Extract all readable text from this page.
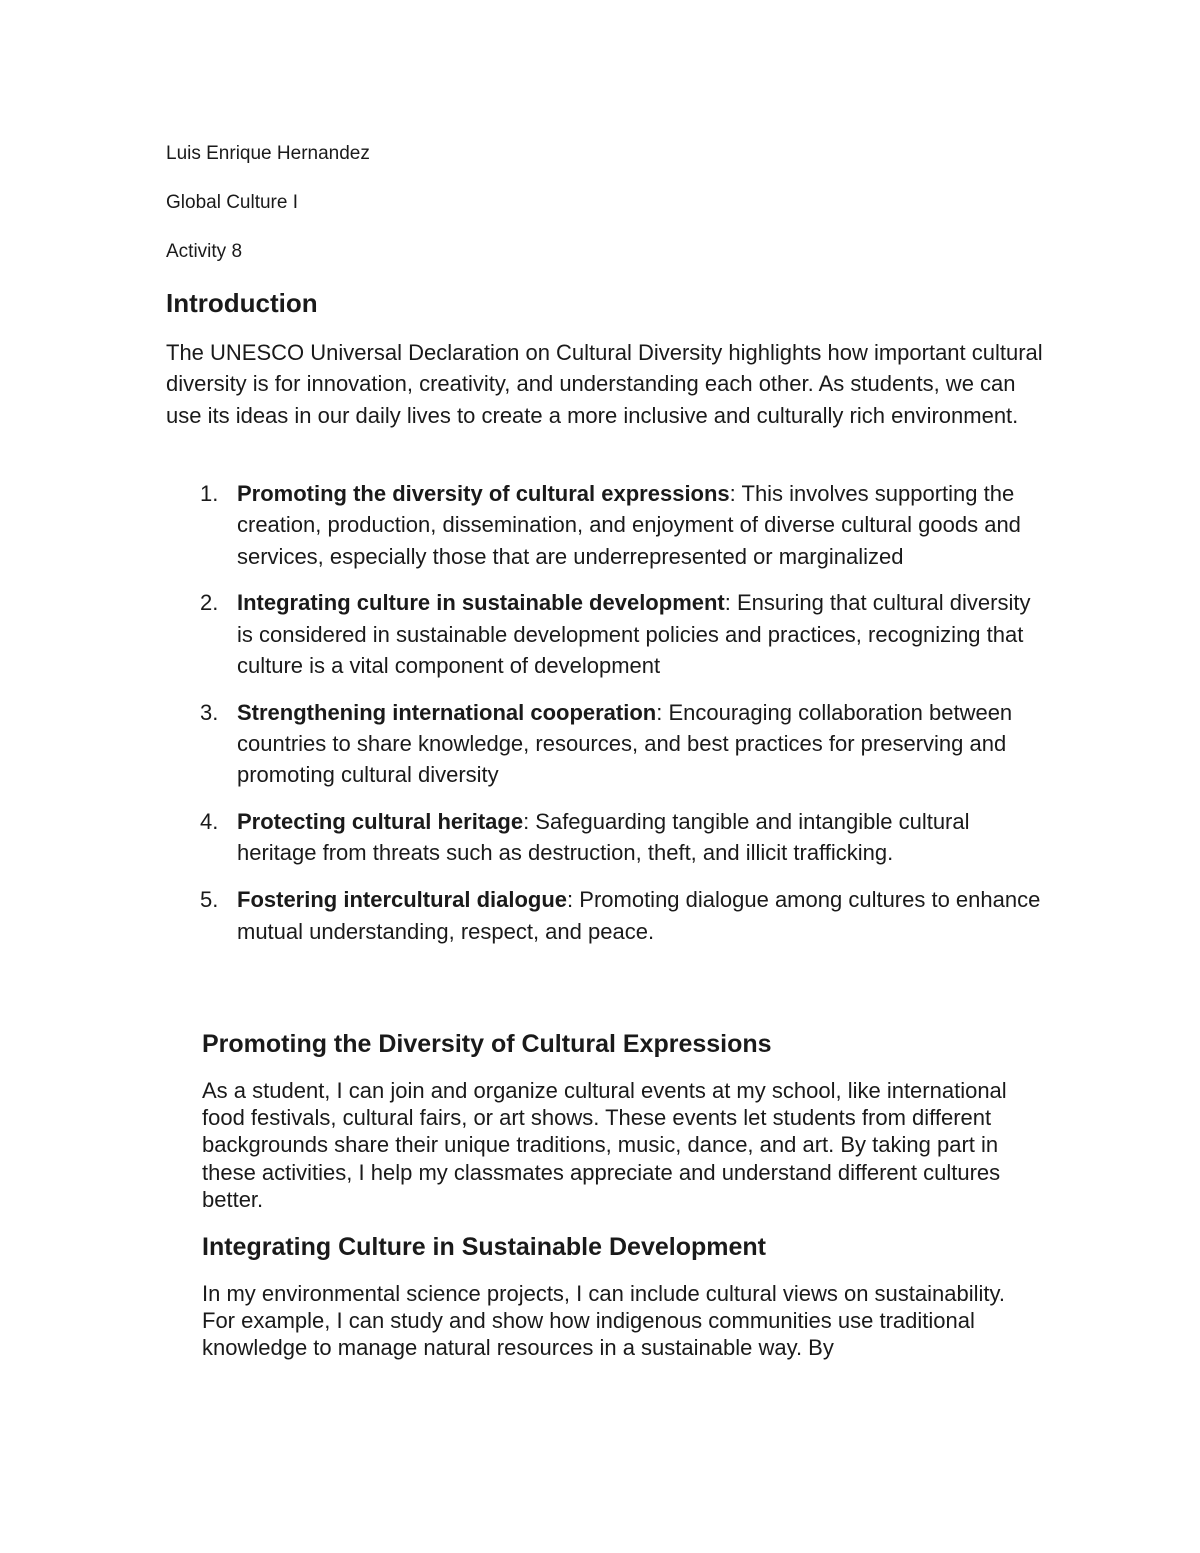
Luis Enrique Hernandez
Global Culture I
Activity 8
Introduction

The UNESCO Universal Declaration on Cultural Diversity highlights how important cultural diversity is for innovation, creativity, and understanding each other. As students, we can use its ideas in our daily lives to create a more inclusive and culturally rich environment.

1. Promoting the diversity of cultural expressions: This involves supporting the creation, production, dissemination, and enjoyment of diverse cultural goods and services, especially those that are underrepresented or marginalized
2. Integrating culture in sustainable development: Ensuring that cultural diversity is considered in sustainable development policies and practices, recognizing that culture is a vital component of development
3. Strengthening international cooperation: Encouraging collaboration between countries to share knowledge, resources, and best practices for preserving and promoting cultural diversity
4. Protecting cultural heritage: Safeguarding tangible and intangible cultural heritage from threats such as destruction, theft, and illicit trafficking.
5. Fostering intercultural dialogue: Promoting dialogue among cultures to enhance mutual understanding, respect, and peace.
Promoting the Diversity of Cultural Expressions

As a student, I can join and organize cultural events at my school, like international food festivals, cultural fairs, or art shows. These events let students from different backgrounds share their unique traditions, music, dance, and art. By taking part in these activities, I help my classmates appreciate and understand different cultures better.

Integrating Culture in Sustainable Development

In my environmental science projects, I can include cultural views on sustainability. For example, I can study and show how indigenous communities use traditional knowledge to manage natural resources in a sustainable way. By
